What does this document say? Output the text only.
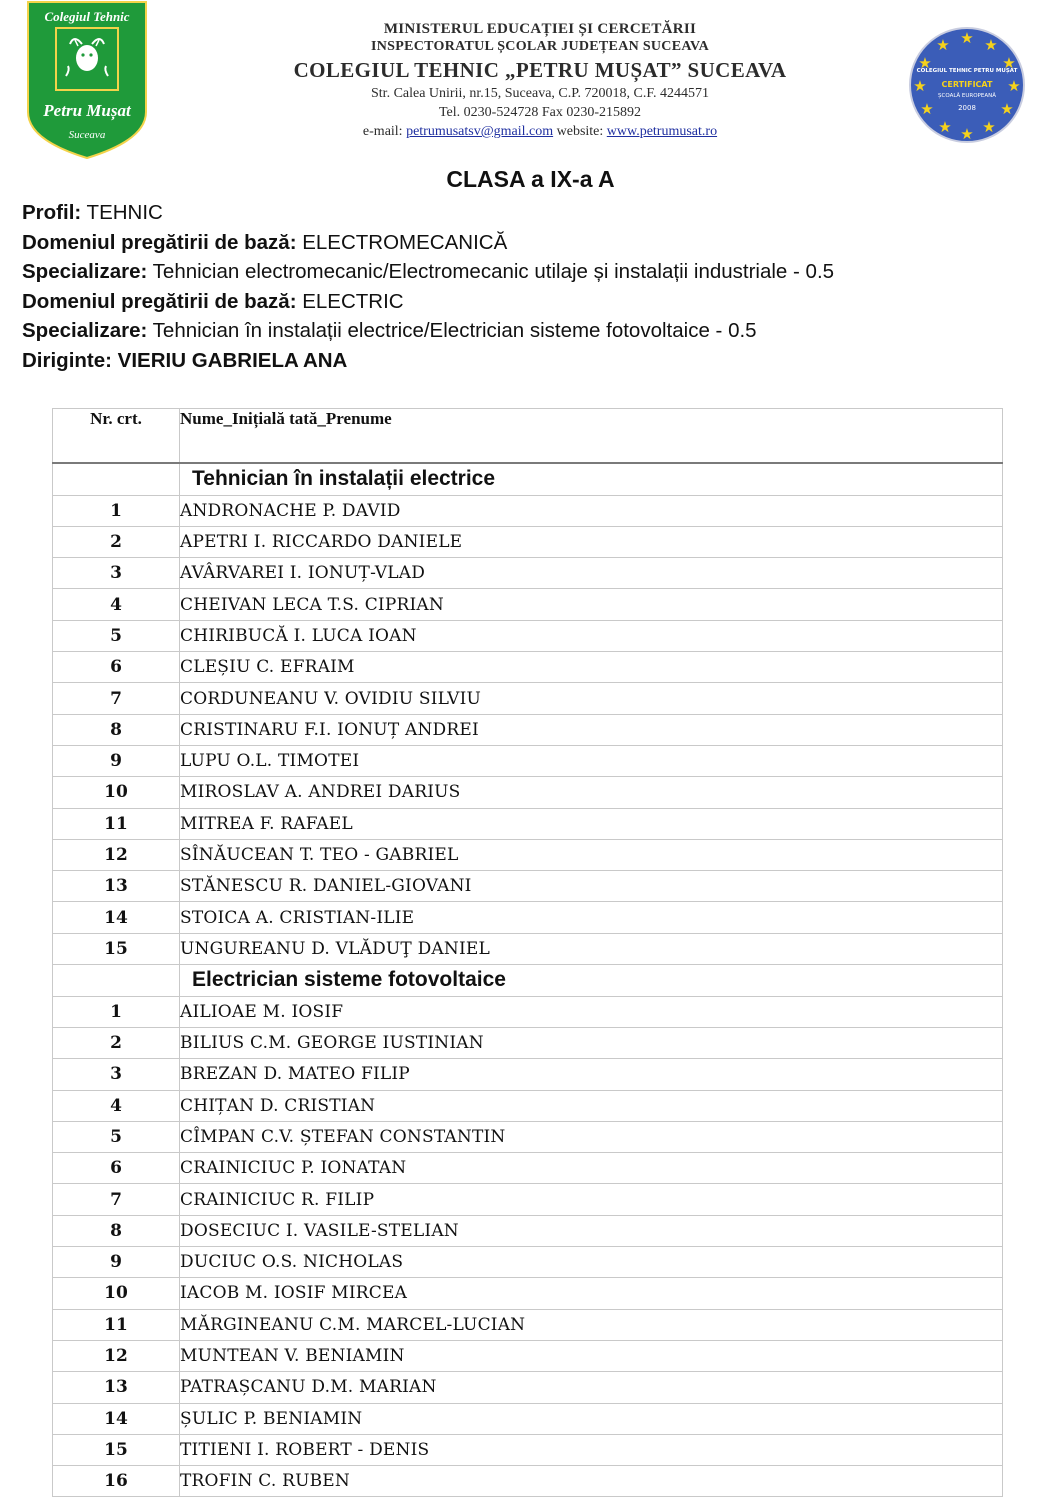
Colegiul Tehnic
Petru Mușat
Suceava
MINISTERUL EDUCAȚIEI ȘI CERCETĂRII
INSPECTORATUL ȘCOLAR JUDEȚEAN SUCEAVA
COLEGIUL TEHNIC „PETRU MUȘAT” SUCEAVA
Str. Calea Unirii, nr.15, Suceava, C.P. 720018, C.F. 4244571
Tel. 0230-524728 Fax 0230-215892
e-mail: petrumusatsv@gmail.com website: www.petrumusat.ro
★ ★
★
★
★
★
★
★
★
★
★
★
COLEGIUL TEHNIC PETRU MUȘAT
CERTIFICAT
ȘCOALĂ EUROPEANĂ
2008
CLASA a IX-a A
Profil: TEHNIC
Domeniul pregătirii de bază: ELECTROMECANICĂ
Specializare: Tehnician electromecanic/Electromecanic utilaje și instalații industriale - 0.5
Domeniul pregătirii de bază: ELECTRIC
Specializare: Tehnician în instalații electrice/Electrician sisteme fotovoltaice - 0.5
Diriginte: VIERIU GABRIELA ANA
Nr. crt.	Nume_Inițială tată_Prenume
	Tehnician în instalații electrice
1	ANDRONACHE P. DAVID
2	APETRI I. RICCARDO DANIELE
3	AVÂRVAREI I. IONUȚ-VLAD
4	CHEIVAN LECA T.S. CIPRIAN
5	CHIRIBUCĂ I. LUCA IOAN
6	CLEȘIU C. EFRAIM
7	CORDUNEANU V. OVIDIU SILVIU
8	CRISTINARU F.I. IONUȚ ANDREI
9	LUPU O.L. TIMOTEI
10	MIROSLAV A. ANDREI DARIUS
11	MITREA F. RAFAEL
12	SÎNĂUCEAN T. TEO - GABRIEL
13	STĂNESCU R. DANIEL-GIOVANI
14	STOICA A. CRISTIAN-ILIE
15	UNGUREANU D. VLĂDUŢ DANIEL
	Electrician sisteme fotovoltaice
1	AILIOAE M. IOSIF
2	BILIUS C.M. GEORGE IUSTINIAN
3	BREZAN D. MATEO FILIP
4	CHIȚAN D. CRISTIAN
5	CÎMPAN C.V. ȘTEFAN CONSTANTIN
6	CRAINICIUC P. IONATAN
7	CRAINICIUC R. FILIP
8	DOSECIUC I. VASILE-STELIAN
9	DUCIUC O.S. NICHOLAS
10	IACOB M. IOSIF MIRCEA
11	MĂRGINEANU C.M. MARCEL-LUCIAN
12	MUNTEAN V. BENIAMIN
13	PATRAȘCANU D.M. MARIAN
14	ȘULIC P. BENIAMIN
15	TITIENI I. ROBERT - DENIS
16	TROFIN C. RUBEN
